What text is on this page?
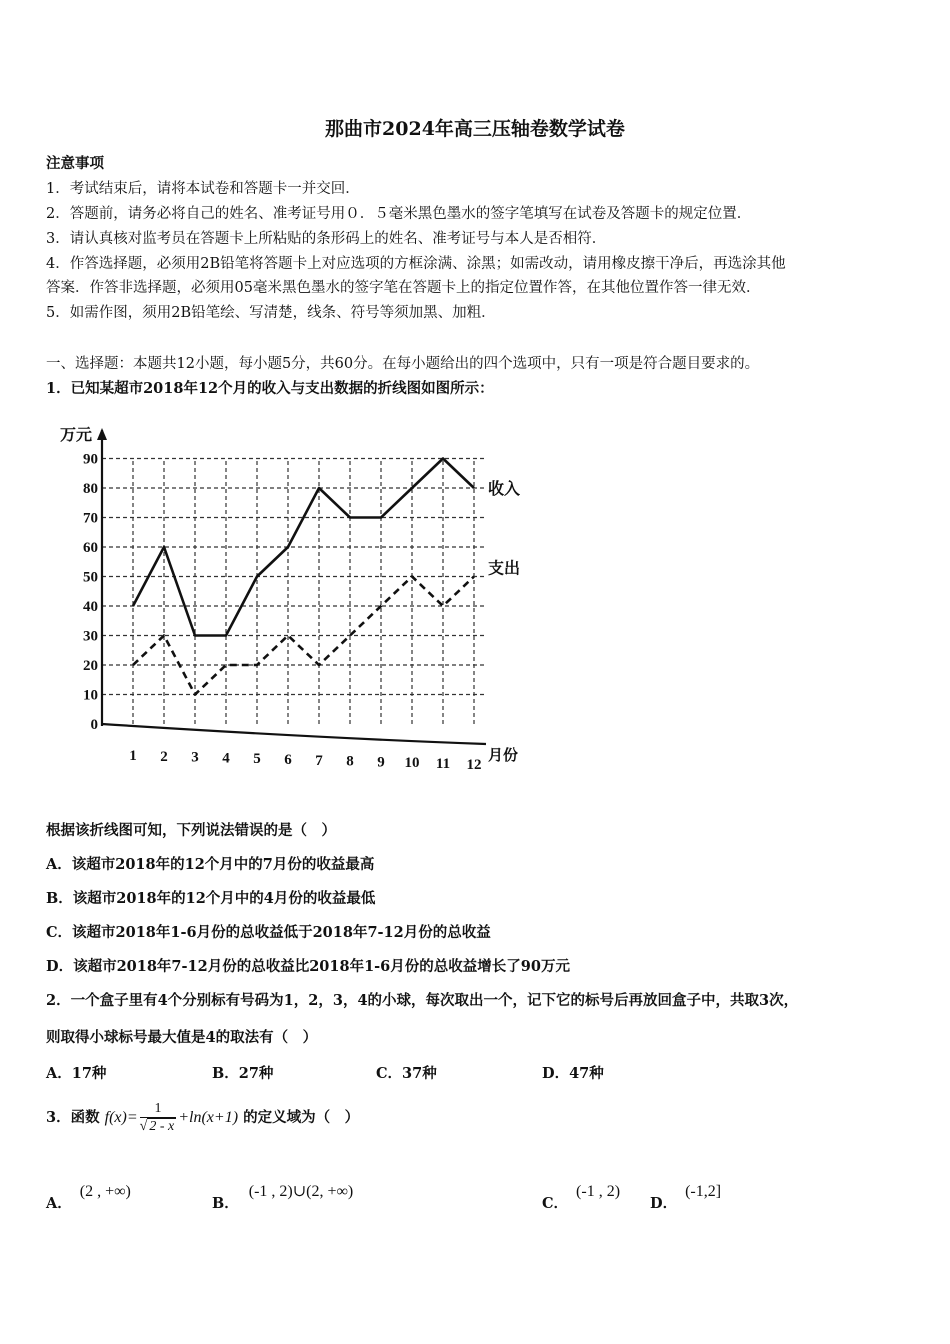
那曲市2024年高三压轴卷数学试卷
注意事项
1．考试结束后，请将本试卷和答题卡一并交回．
2．答题前，请务必将自己的姓名、准考证号用０．５毫米黑色墨水的签字笔填写在试卷及答题卡的规定位置．
3．请认真核对监考员在答题卡上所粘贴的条形码上的姓名、准考证号与本人是否相符．
4．作答选择题，必须用2B铅笔将答题卡上对应选项的方框涂满、涂黑；如需改动，请用橡皮擦干净后，再选涂其他
答案．作答非选择题，必须用05毫米黑色墨水的签字笔在答题卡上的指定位置作答，在其他位置作答一律无效．
5．如需作图，须用2B铅笔绘、写清楚，线条、符号等须加黑、加粗．
一、选择题：本题共12小题，每小题5分，共60分。在每小题给出的四个选项中，只有一项是符合题目要求的。
1．已知某超市2018年12个月的收入与支出数据的折线图如图所示：
0
10
20
30
40
50
60
70
80
90
1 2 3 4 5 6 7 8 9 10 11 12
万元
月份
收入
支出
根据该折线图可知，下列说法错误的是（　）
A．该超市2018年的12个月中的7月份的收益最高
B．该超市2018年的12个月中的4月份的收益最低
C．该超市2018年1-6月份的总收益低于2018年7-12月份的总收益
D．该超市2018年7-12月份的总收益比2018年1-6月份的总收益增长了90万元
2．一个盒子里有4个分别标有号码为1，2，3，4的小球，每次取出一个，记下它的标号后再放回盒子中，共取3次，
则取得小球标号最大值是4的取法有（　）
A．17种	B．27种	C．37种	D．47种
3．函数 $f(x)= \frac{1}{√ 2 - x} +\ln(x+1)$ 的定义域为（　）
A．(2 , +∞)
B．(-1 , 2)∪(2, +∞)
C．(-1 , 2)
D．(-1,2]
